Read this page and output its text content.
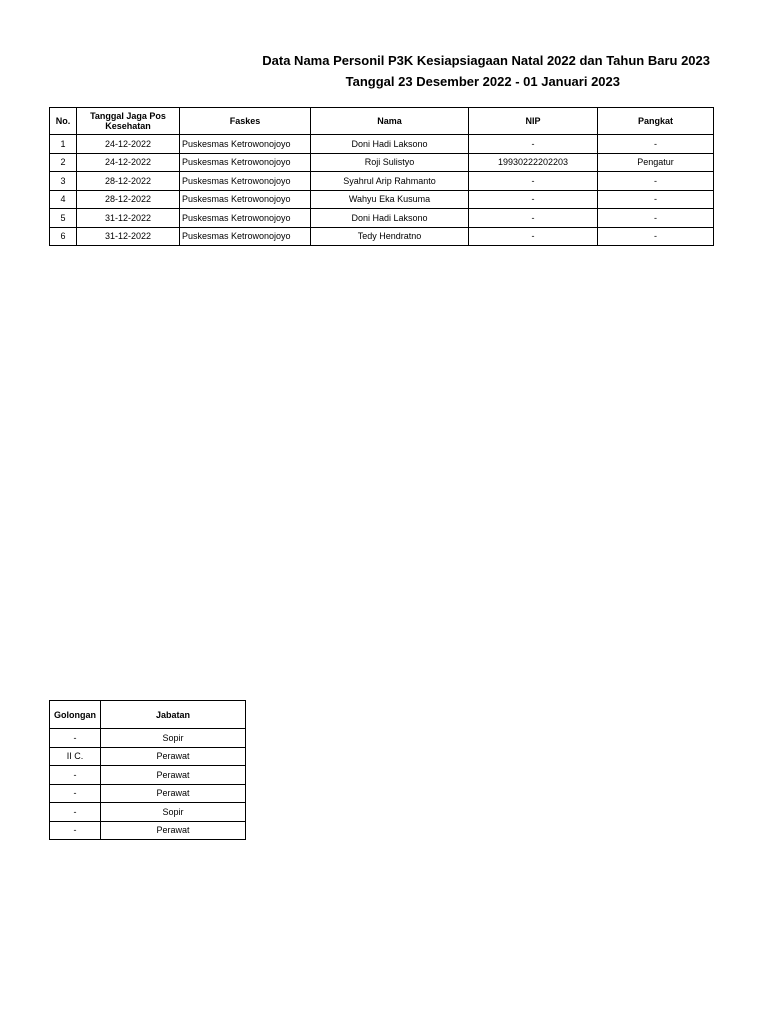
Data Nama Personil P3K Kesiapsiagaan Natal 2022 dan Tahun Baru 2023
Tanggal 23 Desember 2022 - 01 Januari 2023
No.	Tanggal Jaga Pos Kesehatan	Faskes	Nama	NIP	Pangkat
1	24-12-2022	Puskesmas Ketrowonojoyo	Doni Hadi Laksono	-	-
2	24-12-2022	Puskesmas Ketrowonojoyo	Roji Sulistyo	19930222202203	Pengatur
3	28-12-2022	Puskesmas Ketrowonojoyo	Syahrul Arip Rahmanto	-	-
4	28-12-2022	Puskesmas Ketrowonojoyo	Wahyu Eka Kusuma	-	-
5	31-12-2022	Puskesmas Ketrowonojoyo	Doni Hadi Laksono	-	-
6	31-12-2022	Puskesmas Ketrowonojoyo	Tedy Hendratno	-	-
Golongan	Jabatan
-	Sopir
II C.	Perawat
-	Perawat
-	Perawat
-	Sopir
-	Perawat
